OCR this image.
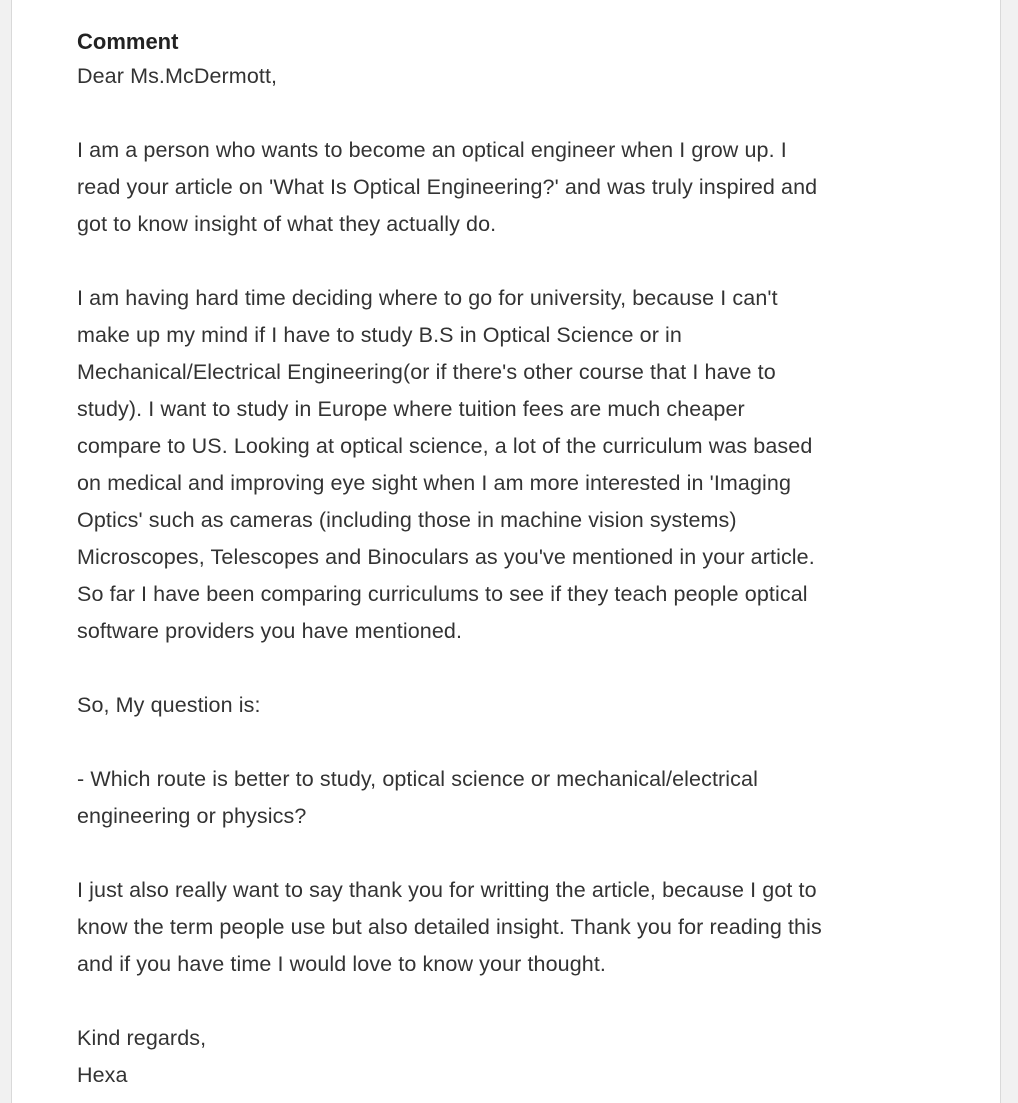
Comment
Dear Ms.McDermott,
I am a person who wants to become an optical engineer when I grow up. I
read your article on 'What Is Optical Engineering?' and was truly inspired and
got to know insight of what they actually do.
I am having hard time deciding where to go for university, because I can't
make up my mind if I have to study B.S in Optical Science or in
Mechanical/Electrical Engineering(or if there's other course that I have to
study). I want to study in Europe where tuition fees are much cheaper
compare to US. Looking at optical science, a lot of the curriculum was based
on medical and improving eye sight when I am more interested in 'Imaging
Optics' such as cameras (including those in machine vision systems)
Microscopes, Telescopes and Binoculars as you've mentioned in your article.
So far I have been comparing curriculums to see if they teach people optical
software providers you have mentioned.
So, My question is:
- Which route is better to study, optical science or mechanical/electrical
engineering or physics?
I just also really want to say thank you for writting the article, because I got to
know the term people use but also detailed insight. Thank you for reading this
and if you have time I would love to know your thought.
Kind regards,
Hexa
